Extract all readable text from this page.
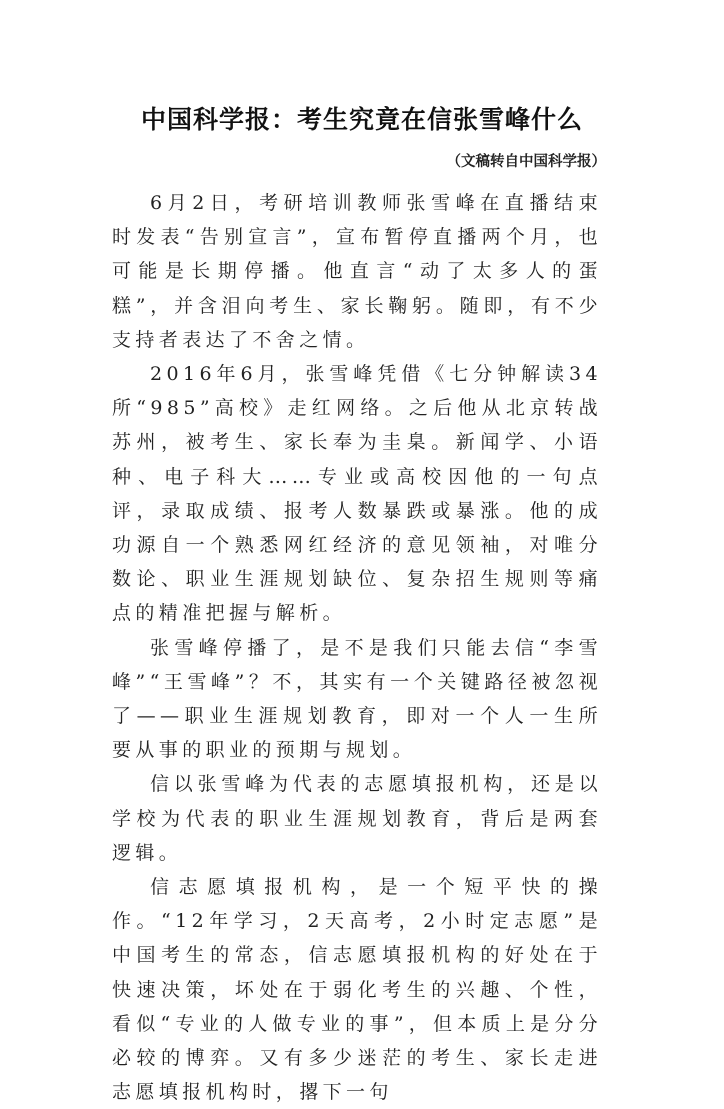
中国科学报：考生究竟在信张雪峰什么
（文稿转自中国科学报）

6月2日，考研培训教师张雪峰在直播结束时发表“告别宣言”，宣布暂停直播两个月，也可能是长期停播。他直言“动了太多人的蛋糕”，并含泪向考生、家长鞠躬。随即，有不少支持者表达了不舍之情。

2016年6月，张雪峰凭借《七分钟解读34所“985”高校》走红网络。之后他从北京转战苏州，被考生、家长奉为圭臬。新闻学、小语种、电子科大……专业或高校因他的一句点评，录取成绩、报考人数暴跌或暴涨。他的成功源自一个熟悉网红经济的意见领袖，对唯分数论、职业生涯规划缺位、复杂招生规则等痛点的精准把握与解析。

张雪峰停播了，是不是我们只能去信“李雪峰”“王雪峰”？不，其实有一个关键路径被忽视了——职业生涯规划教育，即对一个人一生所要从事的职业的预期与规划。

信以张雪峰为代表的志愿填报机构，还是以学校为代表的职业生涯规划教育，背后是两套逻辑。

信志愿填报机构，是一个短平快的操作。“12年学习，2天高考，2小时定志愿”是中国考生的常态，信志愿填报机构的好处在于快速决策，坏处在于弱化考生的兴趣、个性，看似“专业的人做专业的事”，但本质上是分分必较的博弈。又有多少迷茫的考生、家长走进志愿填报机构时，撂下一句
